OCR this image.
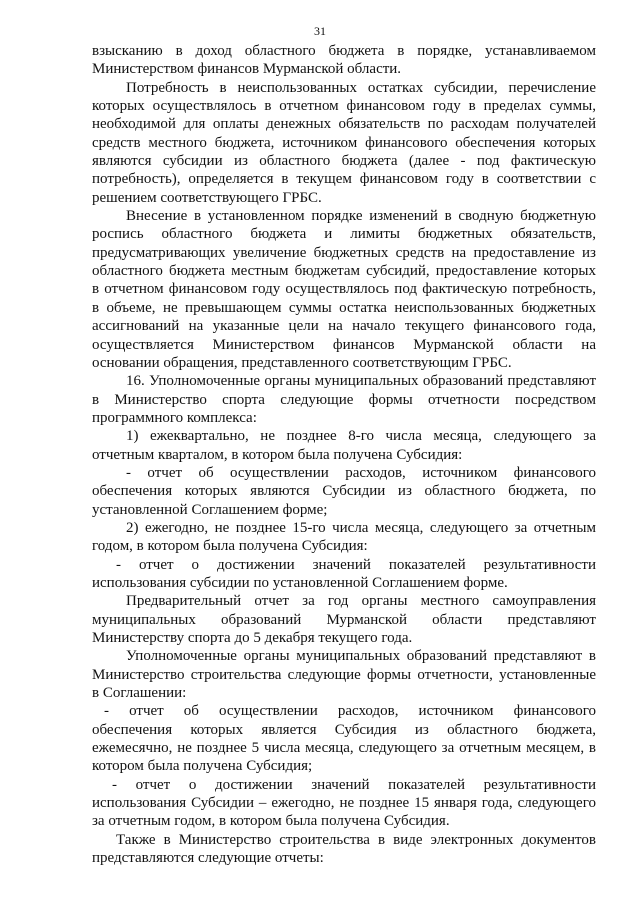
31
взысканию в доход областного бюджета в порядке, устанавливаемом
Министерством финансов Мурманской области.
Потребность в неиспользованных остатках субсидии, перечисление
которых осуществлялось в отчетном финансовом году в пределах суммы,
необходимой для оплаты денежных обязательств по расходам получателей
средств местного бюджета, источником финансового обеспечения которых
являются субсидии из областного бюджета (далее - под фактическую
потребность), определяется в текущем финансовом году в соответствии с
решением соответствующего ГРБС.
Внесение в установленном порядке изменений в сводную бюджетную
роспись областного бюджета и лимиты бюджетных обязательств,
предусматривающих увеличение бюджетных средств на предоставление из
областного бюджета местным бюджетам субсидий, предоставление которых
в отчетном финансовом году осуществлялось под фактическую потребность,
в объеме, не превышающем суммы остатка неиспользованных бюджетных
ассигнований на указанные цели на начало текущего финансового года,
осуществляется Министерством финансов Мурманской области на
основании обращения, представленного соответствующим ГРБС.
16. Уполномоченные органы муниципальных образований представляют
в Министерство спорта следующие формы отчетности посредством
программного комплекса:
1) ежеквартально, не позднее 8-го числа месяца, следующего за
отчетным кварталом, в котором была получена Субсидия:
- отчет об осуществлении расходов, источником финансового
обеспечения которых являются Субсидии из областного бюджета, по
установленной Соглашением форме;
2) ежегодно, не позднее 15-го числа месяца, следующего за отчетным
годом, в котором была получена Субсидия:
- отчет о достижении значений показателей результативности
использования субсидии по установленной Соглашением форме.
Предварительный отчет за год органы местного самоуправления
муниципальных образований Мурманской области представляют
Министерству спорта до 5 декабря текущего года.
Уполномоченные органы муниципальных образований представляют в
Министерство строительства следующие формы отчетности, установленные
в Соглашении:
- отчет об осуществлении расходов, источником финансового
обеспечения которых является Субсидия из областного бюджета,
ежемесячно, не позднее 5 числа месяца, следующего за отчетным месяцем, в
котором была получена Субсидия;
- отчет о достижении значений показателей результативности
использования Субсидии – ежегодно, не позднее 15 января года, следующего
за отчетным годом, в котором была получена Субсидия.
Также в Министерство строительства в виде электронных документов
представляются следующие отчеты:
